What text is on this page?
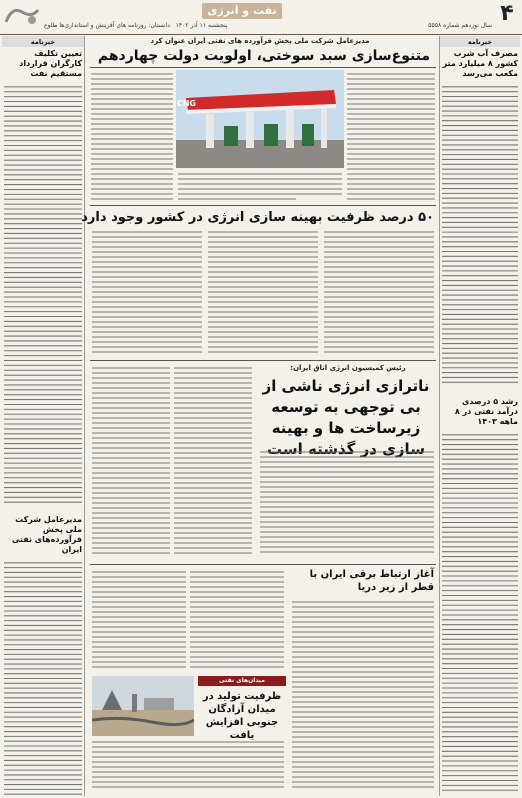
۴
نفت و انرژی
سال نوزدهم شماره ۵۵۵۸
پنجشنبه ۱۱ آذر ۱۴۰۲   دانستان: روزنامه های آفرینش و استانداری‌ها طلوع
خبرنامه
مصرف آب شرب کشور ۸ میلیارد متر مکعب می‌رسد
رشد ۵ درصدی درآمد نفتی در ۸ ماهه ۱۴۰۳
خبرنامه
تعیین تکلیف کارگران قرارداد مستقیم نفت
مدیرعامل شرکت ملی پخش فرآورده‌های نفتی ایران
مدیرعامل شرکت ملی پخش فرآورده های نفتی ایران عنوان کرد
متنوع‌سازی سبد سوختی، اولویت دولت چهاردهم
CNG
۵۰ درصد ظرفیت بهینه سازی انرژی در کشور وجود دارد
رئیس کمیسیون انرژی اتاق ایران:
ناترازی انرژی ناشی از بی توجهی به توسعه زیرساخت ها و بهینه سازی در گذشته است
آغاز ارتباط برقی ایران با قطر از زیر دریا
میدان‌های نفتی
ظرفیت تولید در میدان آزادگان جنوبی افزایش یافت
